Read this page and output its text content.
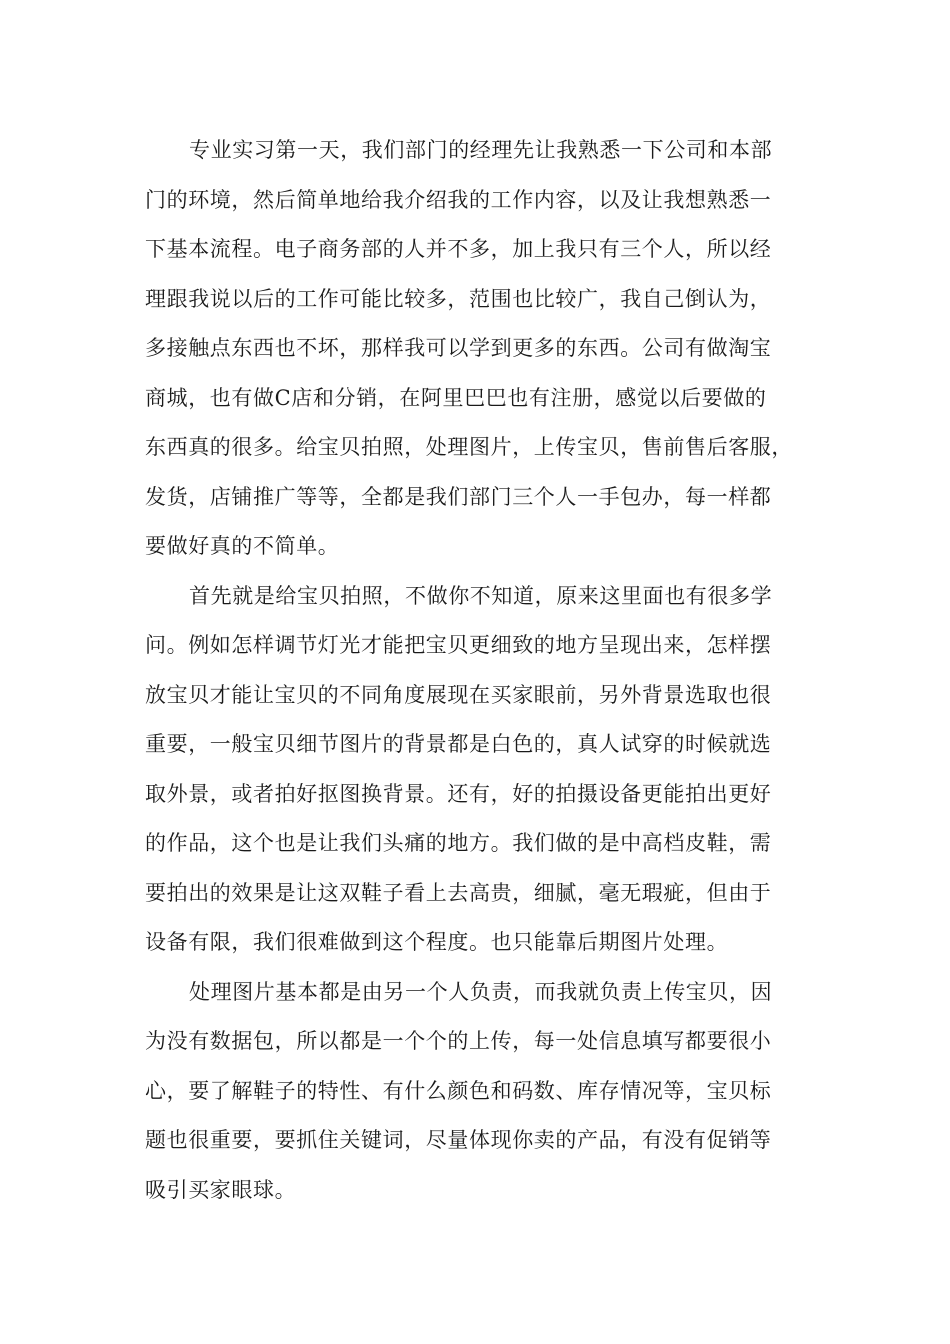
专业实习第一天，我们部门的经理先让我熟悉一下公司和本部
门的环境，然后简单地给我介绍我的工作内容，以及让我想熟悉一
下基本流程。电子商务部的人并不多，加上我只有三个人，所以经
理跟我说以后的工作可能比较多，范围也比较广，我自己倒认为，
多接触点东西也不坏，那样我可以学到更多的东西。公司有做淘宝
商城，也有做C店和分销，在阿里巴巴也有注册，感觉以后要做的
东西真的很多。给宝贝拍照，处理图片，上传宝贝，售前售后客服，
发货，店铺推广等等，全都是我们部门三个人一手包办，每一样都
要做好真的不简单。
首先就是给宝贝拍照，不做你不知道，原来这里面也有很多学
问。例如怎样调节灯光才能把宝贝更细致的地方呈现出来，怎样摆
放宝贝才能让宝贝的不同角度展现在买家眼前，另外背景选取也很
重要，一般宝贝细节图片的背景都是白色的，真人试穿的时候就选
取外景，或者拍好抠图换背景。还有，好的拍摄设备更能拍出更好
的作品，这个也是让我们头痛的地方。我们做的是中高档皮鞋，需
要拍出的效果是让这双鞋子看上去高贵，细腻，毫无瑕疵，但由于
设备有限，我们很难做到这个程度。也只能靠后期图片处理。
处理图片基本都是由另一个人负责，而我就负责上传宝贝，因
为没有数据包，所以都是一个个的上传，每一处信息填写都要很小
心，要了解鞋子的特性、有什么颜色和码数、库存情况等，宝贝标
题也很重要，要抓住关键词，尽量体现你卖的产品，有没有促销等
吸引买家眼球。
